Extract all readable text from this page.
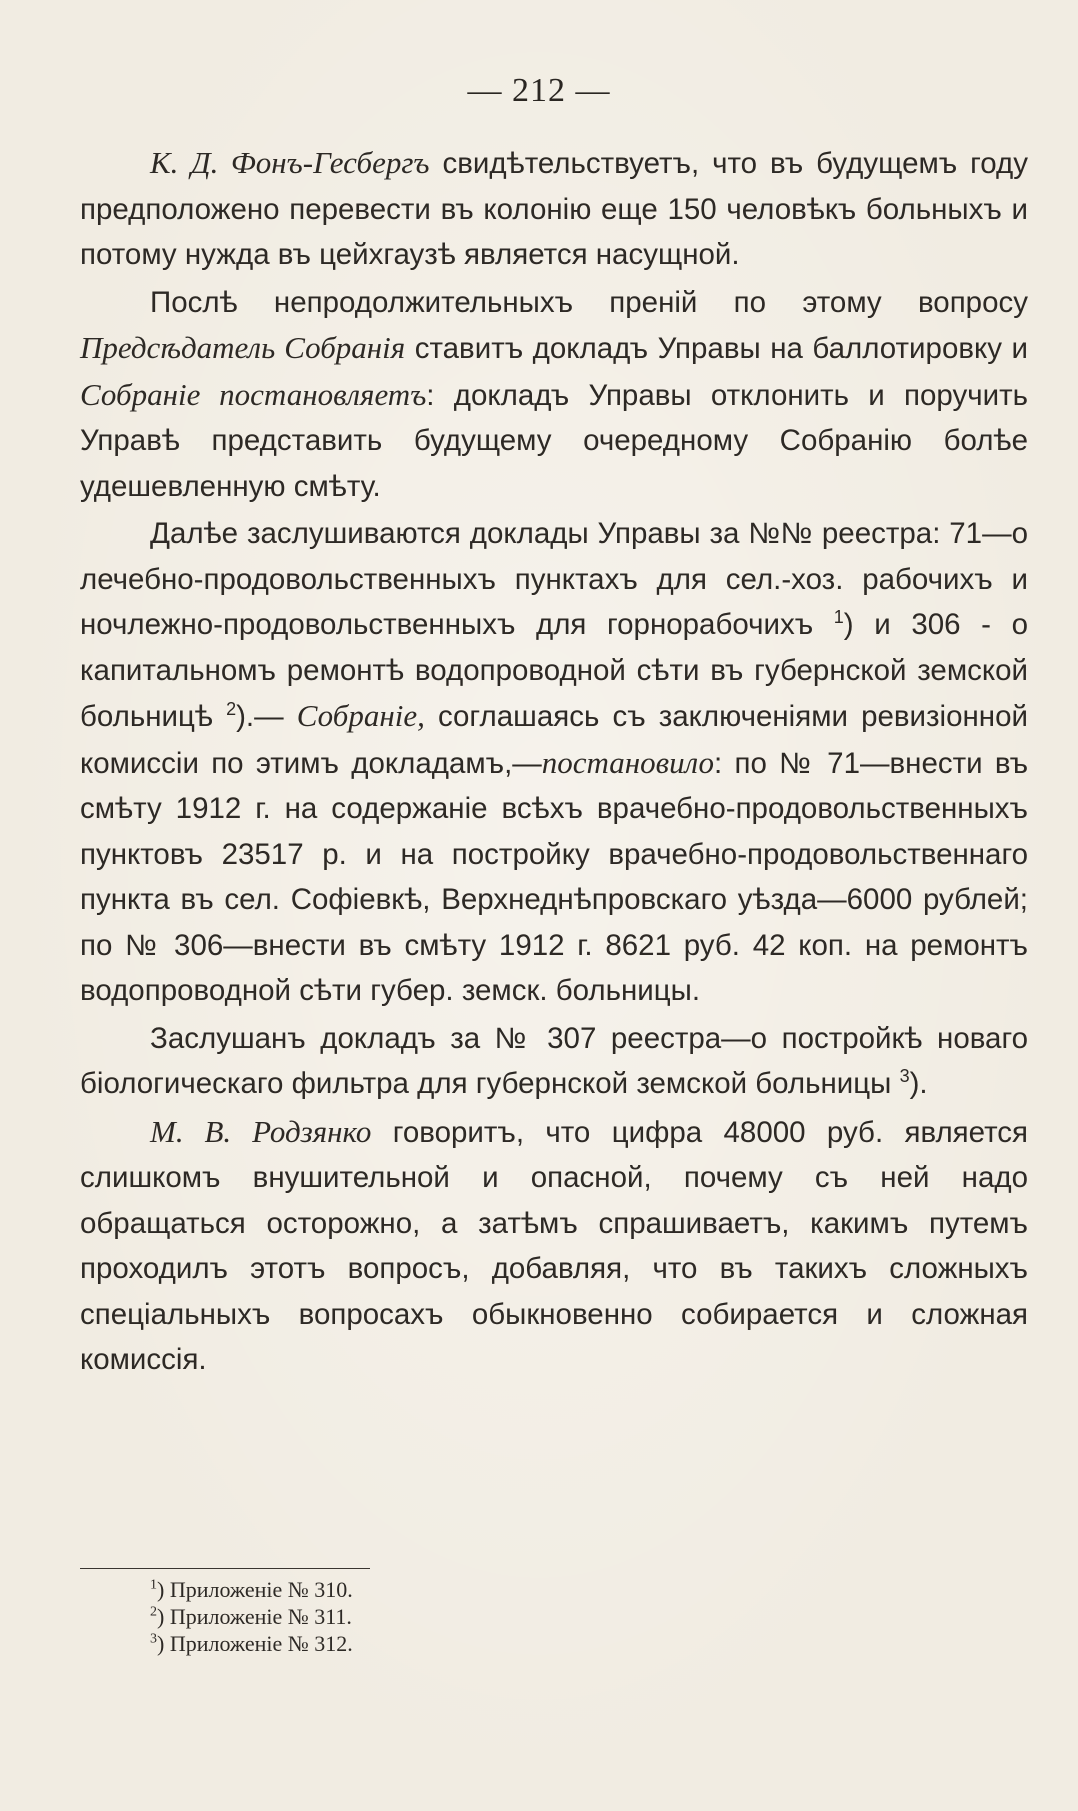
— 212 —

К. Д. Фонъ-Гесбергъ свидѣтельствуетъ, что въ будущемъ году предположено перевести въ колонію еще 150 человѣкъ больныхъ и потому нужда въ цейхгаузѣ является насущной.

Послѣ непродолжительныхъ преній по этому вопросу Предсѣдатель Собранія ставитъ докладъ Управы на баллотировку и Собраніе постановляетъ: докладъ Управы отклонить и поручить Управѣ представить будущему очередному Собранію болѣе удешевленную смѣту.

Далѣе заслушиваются доклады Управы за №№ реестра: 71—о лечебно-продовольственныхъ пунктахъ для сел.-хоз. рабочихъ и ночлежно-продовольственныхъ для горнорабочихъ $^1$) и 306 - о капитальномъ ремонтѣ водопроводной сѣти въ губернской земской больницѣ $^2$).— Собраніе, соглашаясь съ заключеніями ревизіонной комиссіи по этимъ докладамъ,—постановило: по № 71—внести въ смѣту 1912 г. на содержаніе всѣхъ врачебно-продовольственныхъ пунктовъ 23517 р. и на постройку врачебно-продовольственнаго пункта въ сел. Софіевкѣ, Верхнеднѣпровскаго уѣзда—6000 рублей; по № 306—внести въ смѣту 1912 г. 8621 руб. 42 коп. на ремонтъ водопроводной сѣти губер. земск. больницы.

Заслушанъ докладъ за № 307 реестра—о постройкѣ новаго біологическаго фильтра для губернской земской больницы $^3$).

М. В. Родзянко говоритъ, что цифра 48000 руб. является слишкомъ внушительной и опасной, почему съ ней надо обращаться осторожно, а затѣмъ спрашиваетъ, какимъ путемъ проходилъ этотъ вопросъ, добавляя, что въ такихъ сложныхъ спеціальныхъ вопросахъ обыкновенно собирается и сложная комиссія.

$^1$) Приложеніе № 310.
$^2$) Приложеніе № 311.
$^3$) Приложеніе № 312.
